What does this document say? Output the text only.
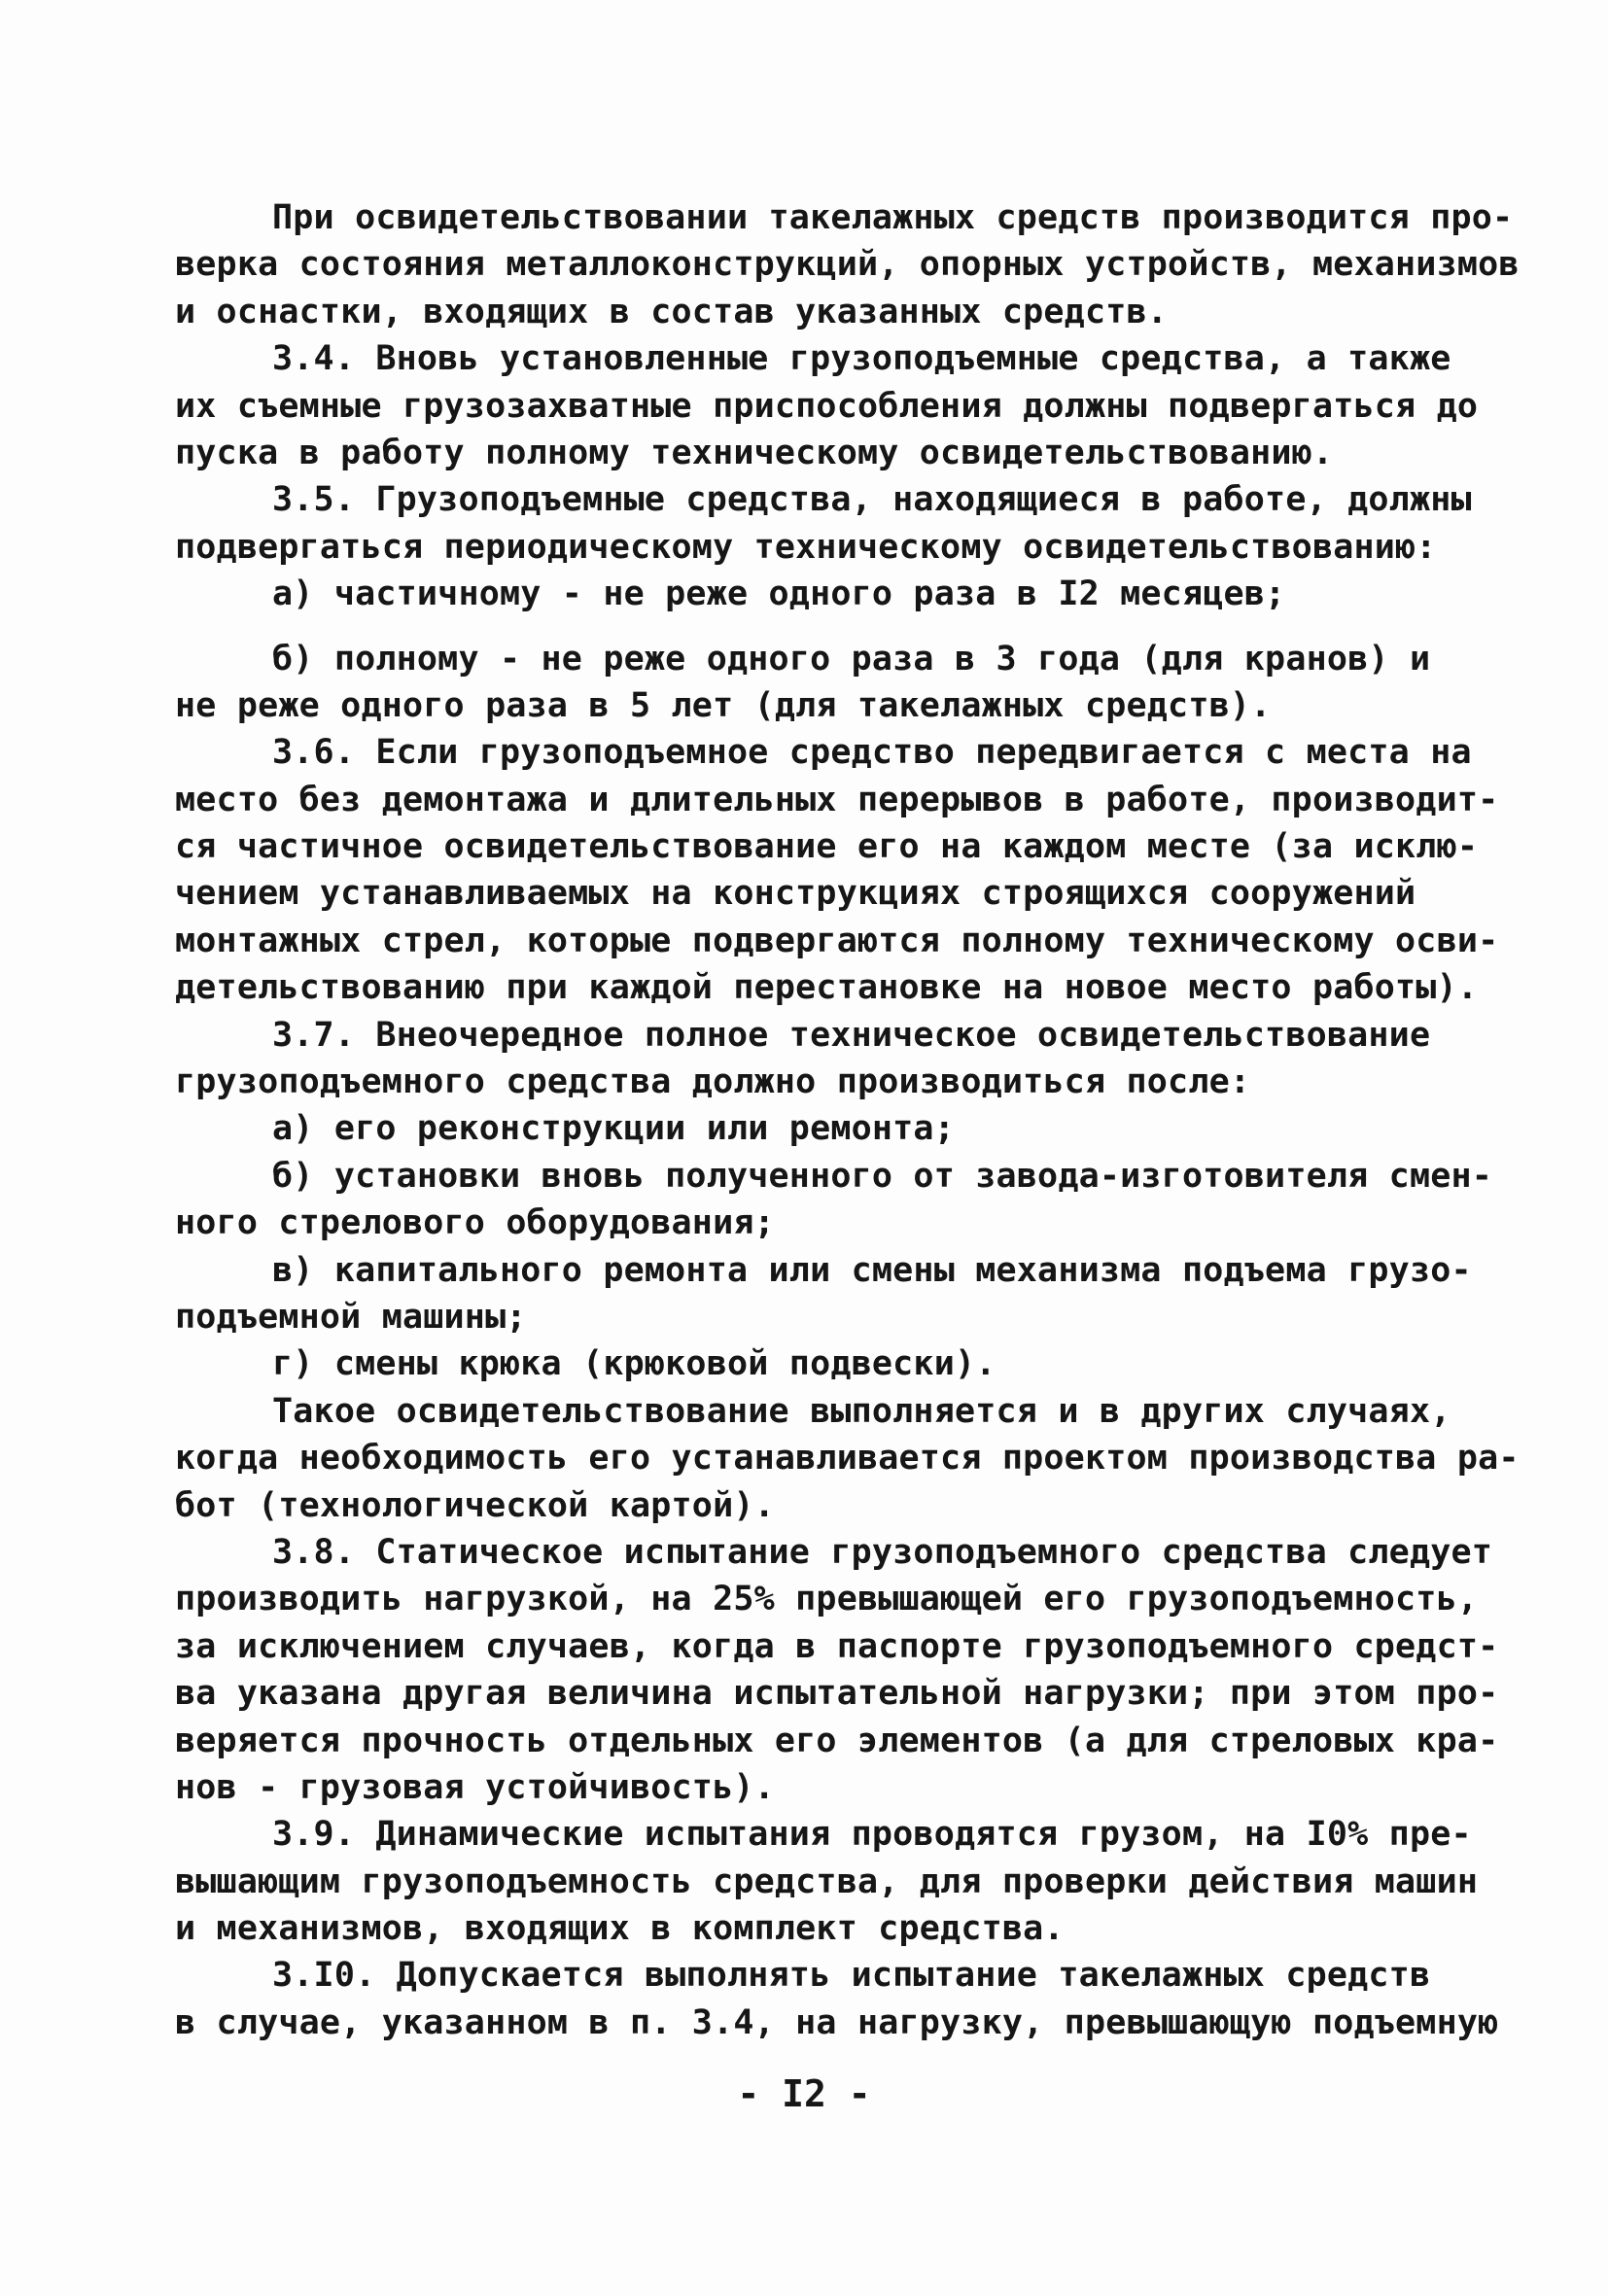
При освидетельствовании такелажных средств производится про-
верка состояния металлоконструкций, опорных устройств, механизмов
и оснастки, входящих в состав указанных средств.
3.4. Вновь установленные грузоподъемные средства, а также
их съемные грузозахватные приспособления должны подвергаться до
пуска в работу полному техническому освидетельствованию.
3.5. Грузоподъемные средства, находящиеся в работе, должны
подвергаться периодическому техническому освидетельствованию:
а) частичному - не реже одного раза в I2 месяцев;
б) полному - не реже одного раза в 3 года (для кранов) и
не реже одного раза в 5 лет (для такелажных средств).
3.6. Если грузоподъемное средство передвигается с места на
место без демонтажа и длительных перерывов в работе, производит-
ся частичное освидетельствование его на каждом месте (за исклю-
чением устанавливаемых на конструкциях строящихся сооружений
монтажных стрел, которые подвергаются полному техническому осви-
детельствованию при каждой перестановке на новое место работы).
3.7. Внеочередное полное техническое освидетельствование
грузоподъемного средства должно производиться после:
а) его реконструкции или ремонта;
б) установки вновь полученного от завода-изготовителя смен-
ного стрелового оборудования;
в) капитального ремонта или смены механизма подъема грузо-
подъемной машины;
г) смены крюка (крюковой подвески).
Такое освидетельствование выполняется и в других случаях,
когда необходимость его устанавливается проектом производства ра-
бот (технологической картой).
3.8. Статическое испытание грузоподъемного средства следует
производить нагрузкой, на 25% превышающей его грузоподъемность,
за исключением случаев, когда в паспорте грузоподъемного средст-
ва указана другая величина испытательной нагрузки; при этом про-
веряется прочность отдельных его элементов (а для стреловых кра-
нов - грузовая устойчивость).
3.9. Динамические испытания проводятся грузом, на I0% пре-
вышающим грузоподъемность средства, для проверки действия машин
и механизмов, входящих в комплект средства.
3.I0. Допускается выполнять испытание такелажных средств
в случае, указанном в п. 3.4, на нагрузку, превышающую подъемную
- I2 -
